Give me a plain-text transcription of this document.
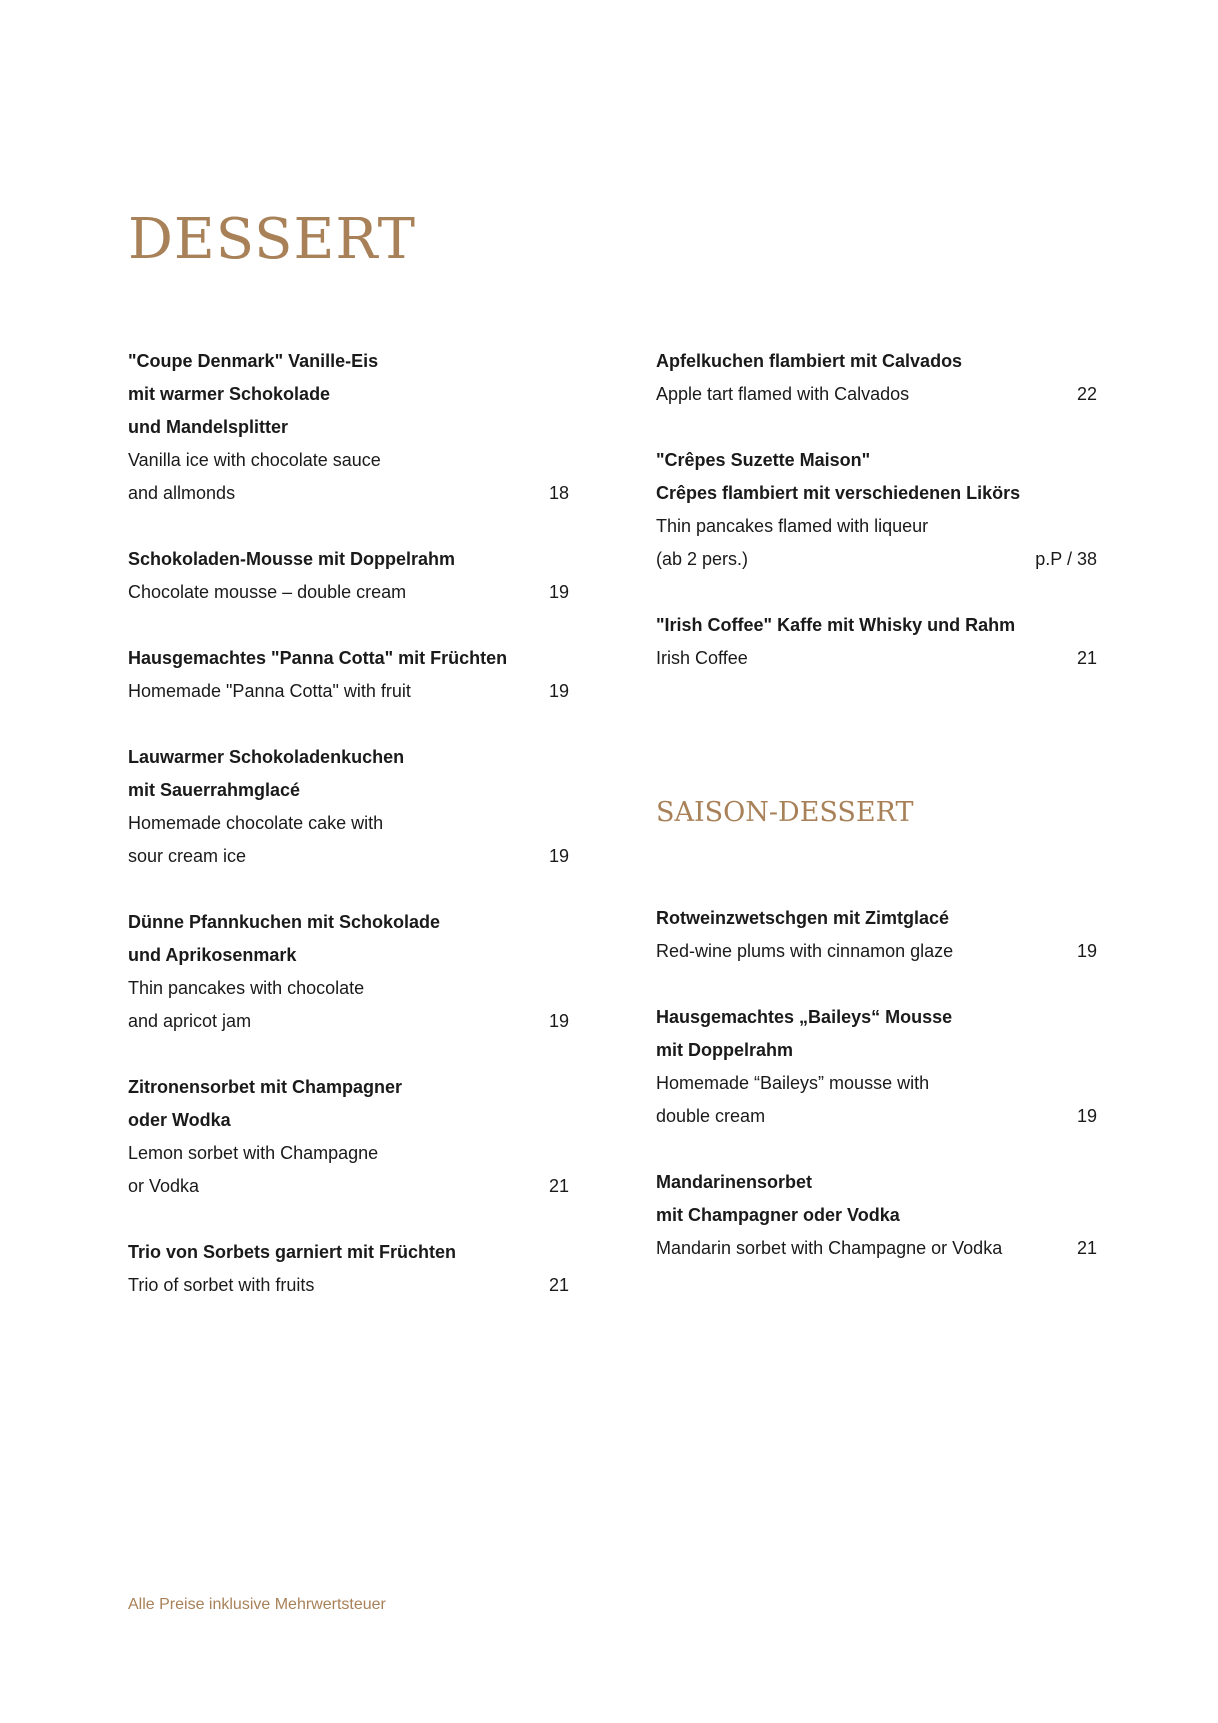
DESSERT
"Coupe Denmark" Vanille-Eis
mit warmer Schokolade
und Mandelsplitter
Vanilla ice with chocolate sauce
and allmonds	18
Schokoladen-Mousse mit Doppelrahm
Chocolate mousse – double cream	19
Hausgemachtes "Panna Cotta" mit Früchten
Homemade "Panna Cotta" with fruit	19
Lauwarmer Schokoladenkuchen
mit Sauerrahmglacé
Homemade chocolate cake with
sour cream ice	19
Dünne Pfannkuchen mit Schokolade
und Aprikosenmark
Thin pancakes with chocolate
and apricot jam	19
Zitronensorbet mit Champagner
oder Wodka
Lemon sorbet with Champagne
or Vodka	21
Trio von Sorbets garniert mit Früchten
Trio of sorbet with fruits	21
Apfelkuchen flambiert mit Calvados
Apple tart flamed with Calvados	22
"Crêpes Suzette Maison"
Crêpes flambiert mit verschiedenen Likörs
Thin pancakes flamed with liqueur
(ab 2 pers.)	p.P / 38
"Irish Coffee" Kaffe mit Whisky und Rahm
Irish Coffee	21
SAISON-DESSERT
Rotweinzwetschgen mit Zimtglacé
Red-wine plums with cinnamon glaze	19
Hausgemachtes „Baileys“ Mousse
mit Doppelrahm
Homemade “Baileys” mousse with
double cream	19
Mandarinensorbet
mit Champagner oder Vodka
Mandarin sorbet with Champagne or Vodka	21
Alle Preise inklusive Mehrwertsteuer
